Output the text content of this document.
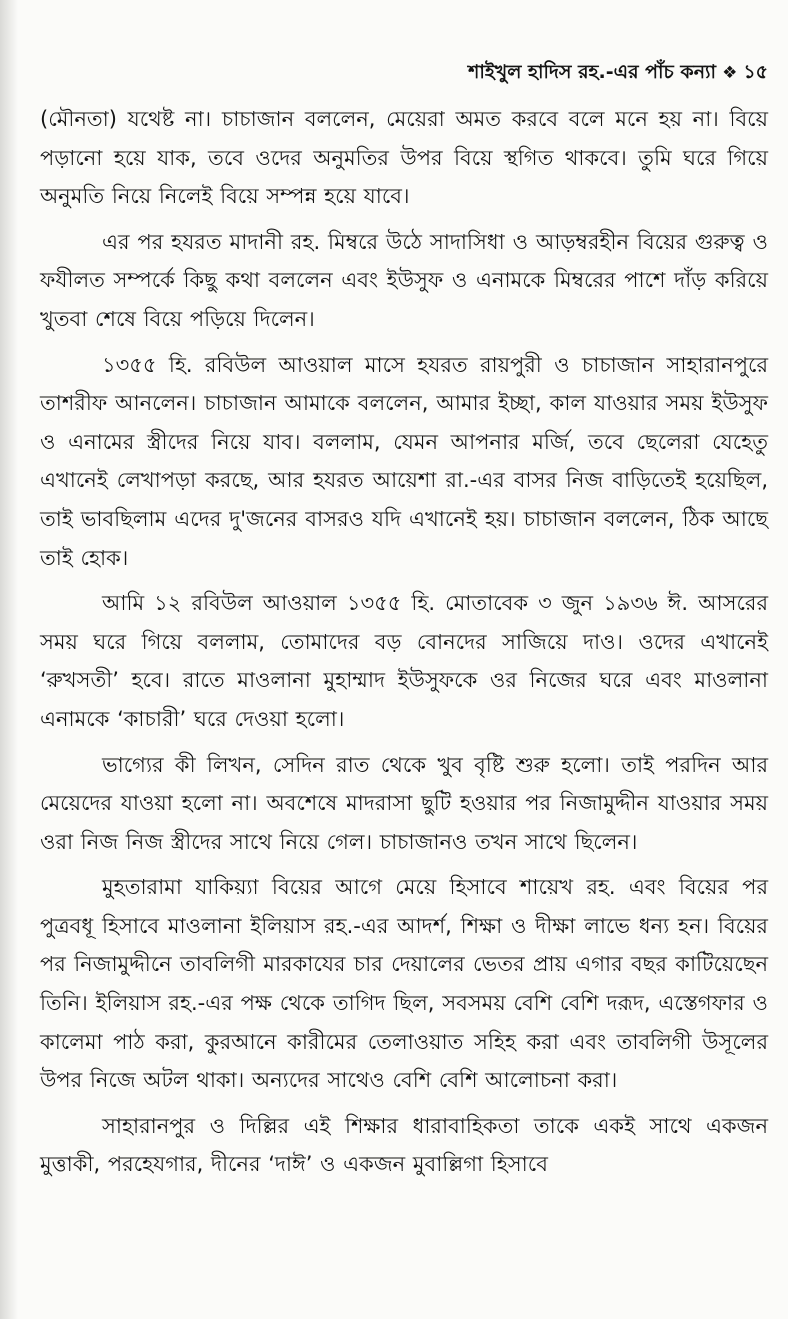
শাইখুল হাদিস রহ.-এর পাঁচ কন্যা ❖ ১৫

(মৌনতা) যথেষ্ট না। চাচাজান বললেন, মেয়েরা অমত করবে বলে মনে হয় না। বিয়ে পড়ানো হয়ে যাক, তবে ওদের অনুমতির উপর বিয়ে স্থগিত থাকবে। তুমি ঘরে গিয়ে অনুমতি নিয়ে নিলেই বিয়ে সম্পন্ন হয়ে যাবে।

এর পর হযরত মাদানী রহ. মিম্বরে উঠে সাদাসিধা ও আড়ম্বরহীন বিয়ের গুরুত্ব ও ফযীলত সম্পর্কে কিছু কথা বললেন এবং ইউসুফ ও এনামকে মিম্বরের পাশে দাঁড় করিয়ে খুতবা শেষে বিয়ে পড়িয়ে দিলেন।

১৩৫৫ হি. রবিউল আওয়াল মাসে হযরত রায়পুরী ও চাচাজান সাহারানপুরে তাশরীফ আনলেন। চাচাজান আমাকে বললেন, আমার ইচ্ছা, কাল যাওয়ার সময় ইউসুফ ও এনামের স্ত্রীদের নিয়ে যাব। বললাম, যেমন আপনার মর্জি, তবে ছেলেরা যেহেতু এখানেই লেখাপড়া করছে, আর হযরত আয়েশা রা.-এর বাসর নিজ বাড়িতেই হয়েছিল, তাই ভাবছিলাম এদের দু'জনের বাসরও যদি এখানেই হয়। চাচাজান বললেন, ঠিক আছে তাই হোক।

আমি ১২ রবিউল আওয়াল ১৩৫৫ হি. মোতাবেক ৩ জুন ১৯৩৬ ঈ. আসরের সময় ঘরে গিয়ে বললাম, তোমাদের বড় বোনদের সাজিয়ে দাও। ওদের এখানেই ‘রুখসতী’ হবে। রাতে মাওলানা মুহাম্মাদ ইউসুফকে ওর নিজের ঘরে এবং মাওলানা এনামকে ‘কাচারী’ ঘরে দেওয়া হলো।

ভাগ্যের কী লিখন, সেদিন রাত থেকে খুব বৃষ্টি শুরু হলো। তাই পরদিন আর মেয়েদের যাওয়া হলো না। অবশেষে মাদরাসা ছুটি হওয়ার পর নিজামুদ্দীন যাওয়ার সময় ওরা নিজ নিজ স্ত্রীদের সাথে নিয়ে গেল। চাচাজানও তখন সাথে ছিলেন।

মুহতারামা যাকিয়্যা বিয়ের আগে মেয়ে হিসাবে শায়েখ রহ. এবং বিয়ের পর পুত্রবধূ হিসাবে মাওলানা ইলিয়াস রহ.-এর আদর্শ, শিক্ষা ও দীক্ষা লাভে ধন্য হন। বিয়ের পর নিজামুদ্দীনে তাবলিগী মারকাযের চার দেয়ালের ভেতর প্রায় এগার বছর কাটিয়েছেন তিনি। ইলিয়াস রহ.-এর পক্ষ থেকে তাগিদ ছিল, সবসময় বেশি বেশি দরূদ, এস্তেগফার ও কালেমা পাঠ করা, কুরআনে কারীমের তেলাওয়াত সহিহ করা এবং তাবলিগী উসূলের উপর নিজে অটল থাকা। অন্যদের সাথেও বেশি বেশি আলোচনা করা।

সাহারানপুর ও দিল্লির এই শিক্ষার ধারাবাহিকতা তাকে একই সাথে একজন মুত্তাকী, পরহেযগার, দীনের ‘দাঈ’ ও একজন মুবাল্লিগা হিসাবে
